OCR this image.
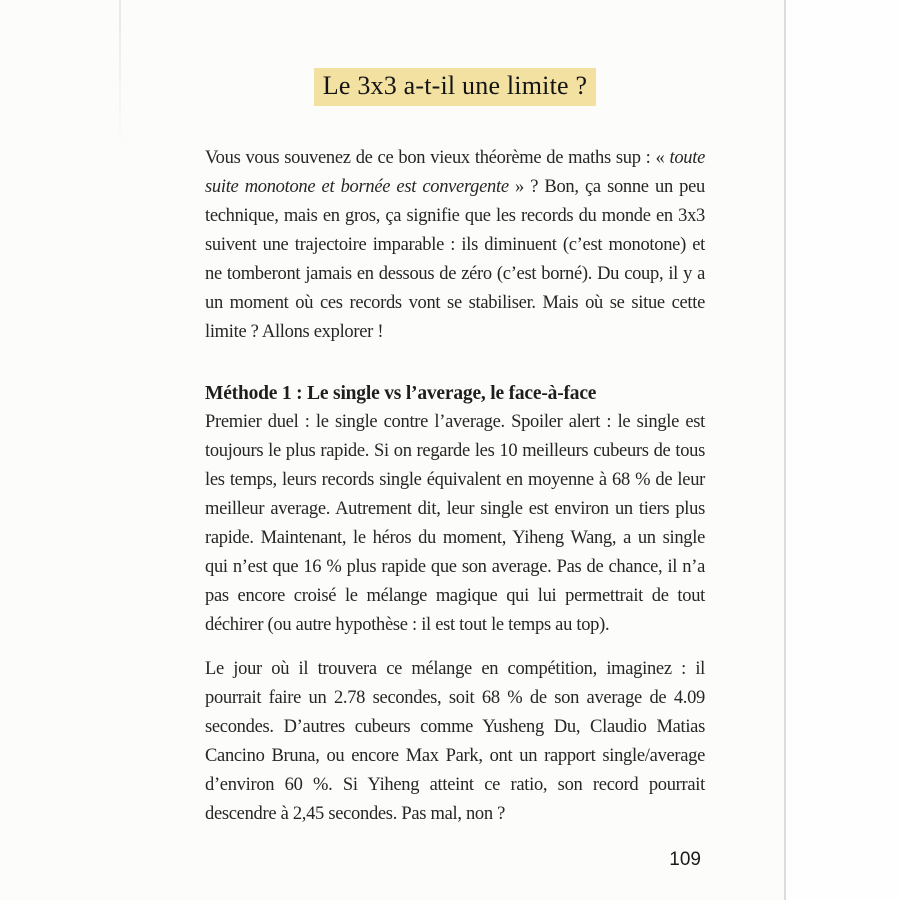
Le 3x3 a-t-il une limite ?

Vous vous souvenez de ce bon vieux théorème de maths sup : « toute suite monotone et bornée est convergente » ? Bon, ça sonne un peu technique, mais en gros, ça signifie que les records du monde en 3x3 suivent une trajectoire imparable : ils diminuent (c’est monotone) et ne tomberont jamais en dessous de zéro (c’est borné). Du coup, il y a un moment où ces records vont se stabiliser. Mais où se situe cette limite ? Allons explorer !

Méthode 1 : Le single vs l’average, le face-à-face

Premier duel : le single contre l’average. Spoiler alert : le single est toujours le plus rapide. Si on regarde les 10 meilleurs cubeurs de tous les temps, leurs records single équivalent en moyenne à 68 % de leur meilleur average. Autrement dit, leur single est environ un tiers plus rapide. Maintenant, le héros du moment, Yiheng Wang, a un single qui n’est que 16 % plus rapide que son average. Pas de chance, il n’a pas encore croisé le mélange magique qui lui permettrait de tout déchirer (ou autre hypothèse : il est tout le temps au top).

Le jour où il trouvera ce mélange en compétition, imaginez : il pourrait faire un 2.78 secondes, soit 68 % de son average de 4.09 secondes. D’autres cubeurs comme Yusheng Du, Claudio Matias Cancino Bruna, ou encore Max Park, ont un rapport single/average d’environ 60 %. Si Yiheng atteint ce ratio, son record pourrait descendre à 2,45 secondes. Pas mal, non ?

109
